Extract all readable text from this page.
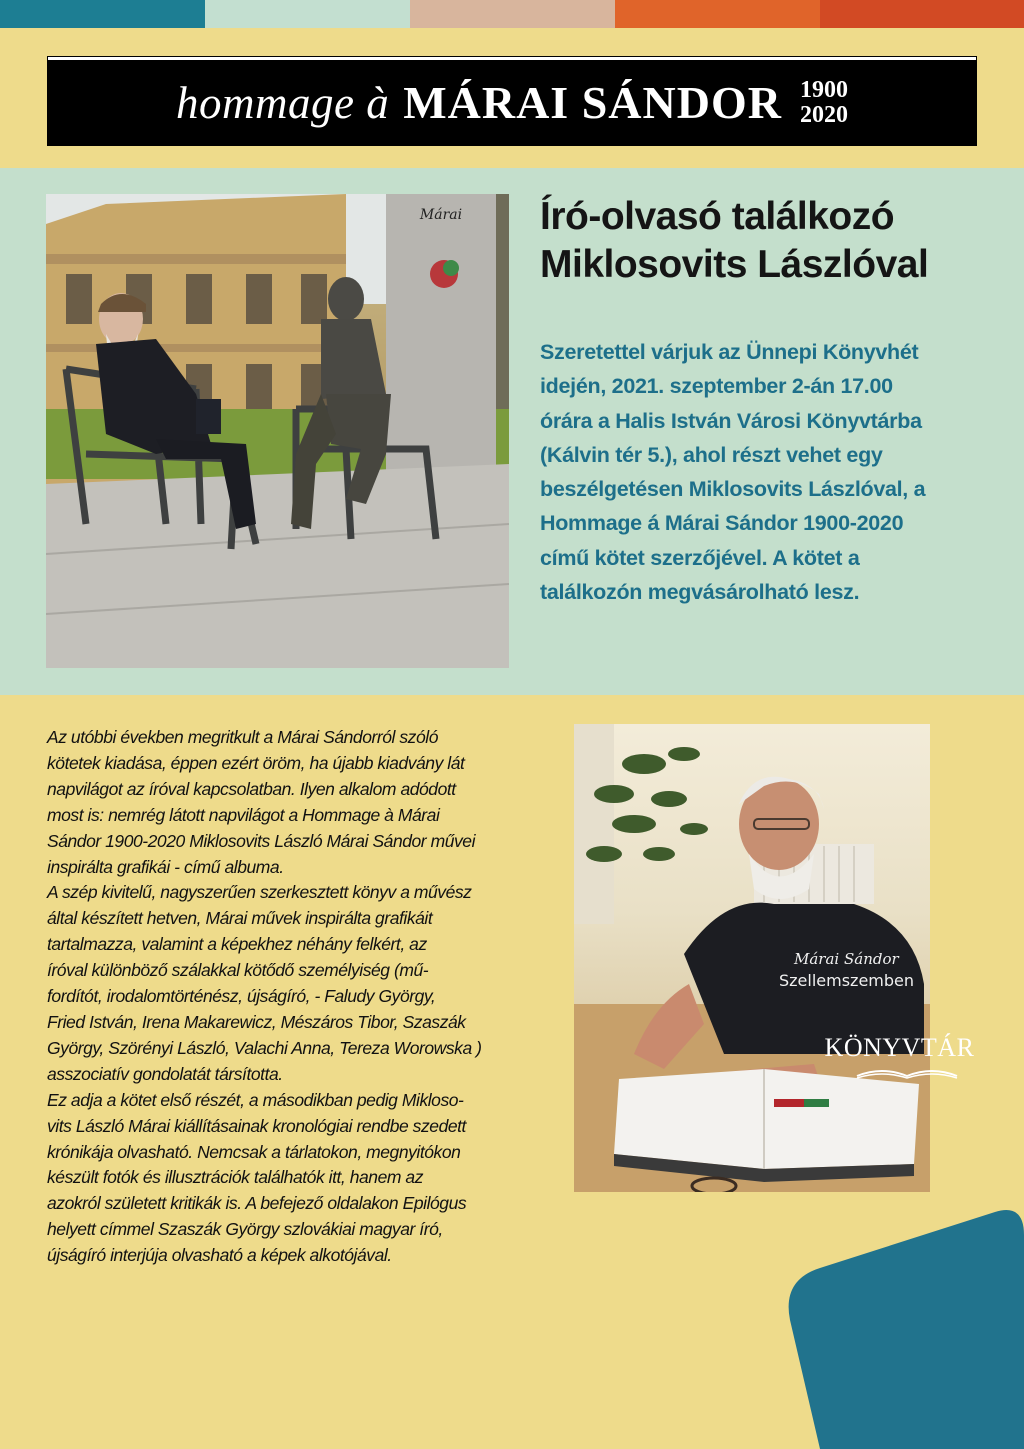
hommage à MÁRAI SÁNDOR 1900
2020
Márai Író-olvasó találkozó
Miklosovits Lászlóval
Szeretettel várjuk az Ünnepi Könyvhét
idején, 2021. szeptember 2-án 17.00
órára a Halis István Városi Könyvtárba
(Kálvin tér 5.), ahol részt vehet egy
beszélgetésen Miklosovits Lászlóval, a
Hommage á Márai Sándor 1900-2020
című kötet szerzőjével. A kötet a
találkozón megvásárolható lesz.

Az utóbbi években megritkult a Márai Sándorról szóló

kötetek kiadása, éppen ezért öröm, ha újabb kiadvány lát

napvilágot az íróval kapcsolatban. Ilyen alkalom adódott

most is: nemrég látott napvilágot a Hommage à Márai

Sándor 1900-2020 Miklosovits László Márai Sándor művei

inspirálta grafikái - című albuma.

A szép kivitelű, nagyszerűen szerkesztett könyv a művész

által készített hetven, Márai művek inspirálta grafikáit

tartalmazza, valamint a képekhez néhány felkért, az

íróval különböző szálakkal kötődő személyiség (mű-

fordítót, irodalomtörténész, újságíró, - Faludy György,

Fried István, Irena Makarewicz, Mészáros Tibor, Szaszák

György, Szörényi László, Valachi Anna, Tereza Worowska )

asszociatív gondolatát társította.

Ez adja a kötet első részét, a másodikban pedig Mikloso-

vits László Márai kiállításainak kronológiai rendbe szedett

krónikája olvasható. Nemcsak a tárlatokon, megnyitókon

készült fotók és illusztrációk találhatók itt, hanem az

azokról született kritikák is. A befejező oldalakon Epilógus

helyett címmel Szaszák György szlovákiai magyar író,

újságíró interjúja olvasható a képek alkotójával.

Márai Sándor
Szellemszemben
KÖNYVTÁR
